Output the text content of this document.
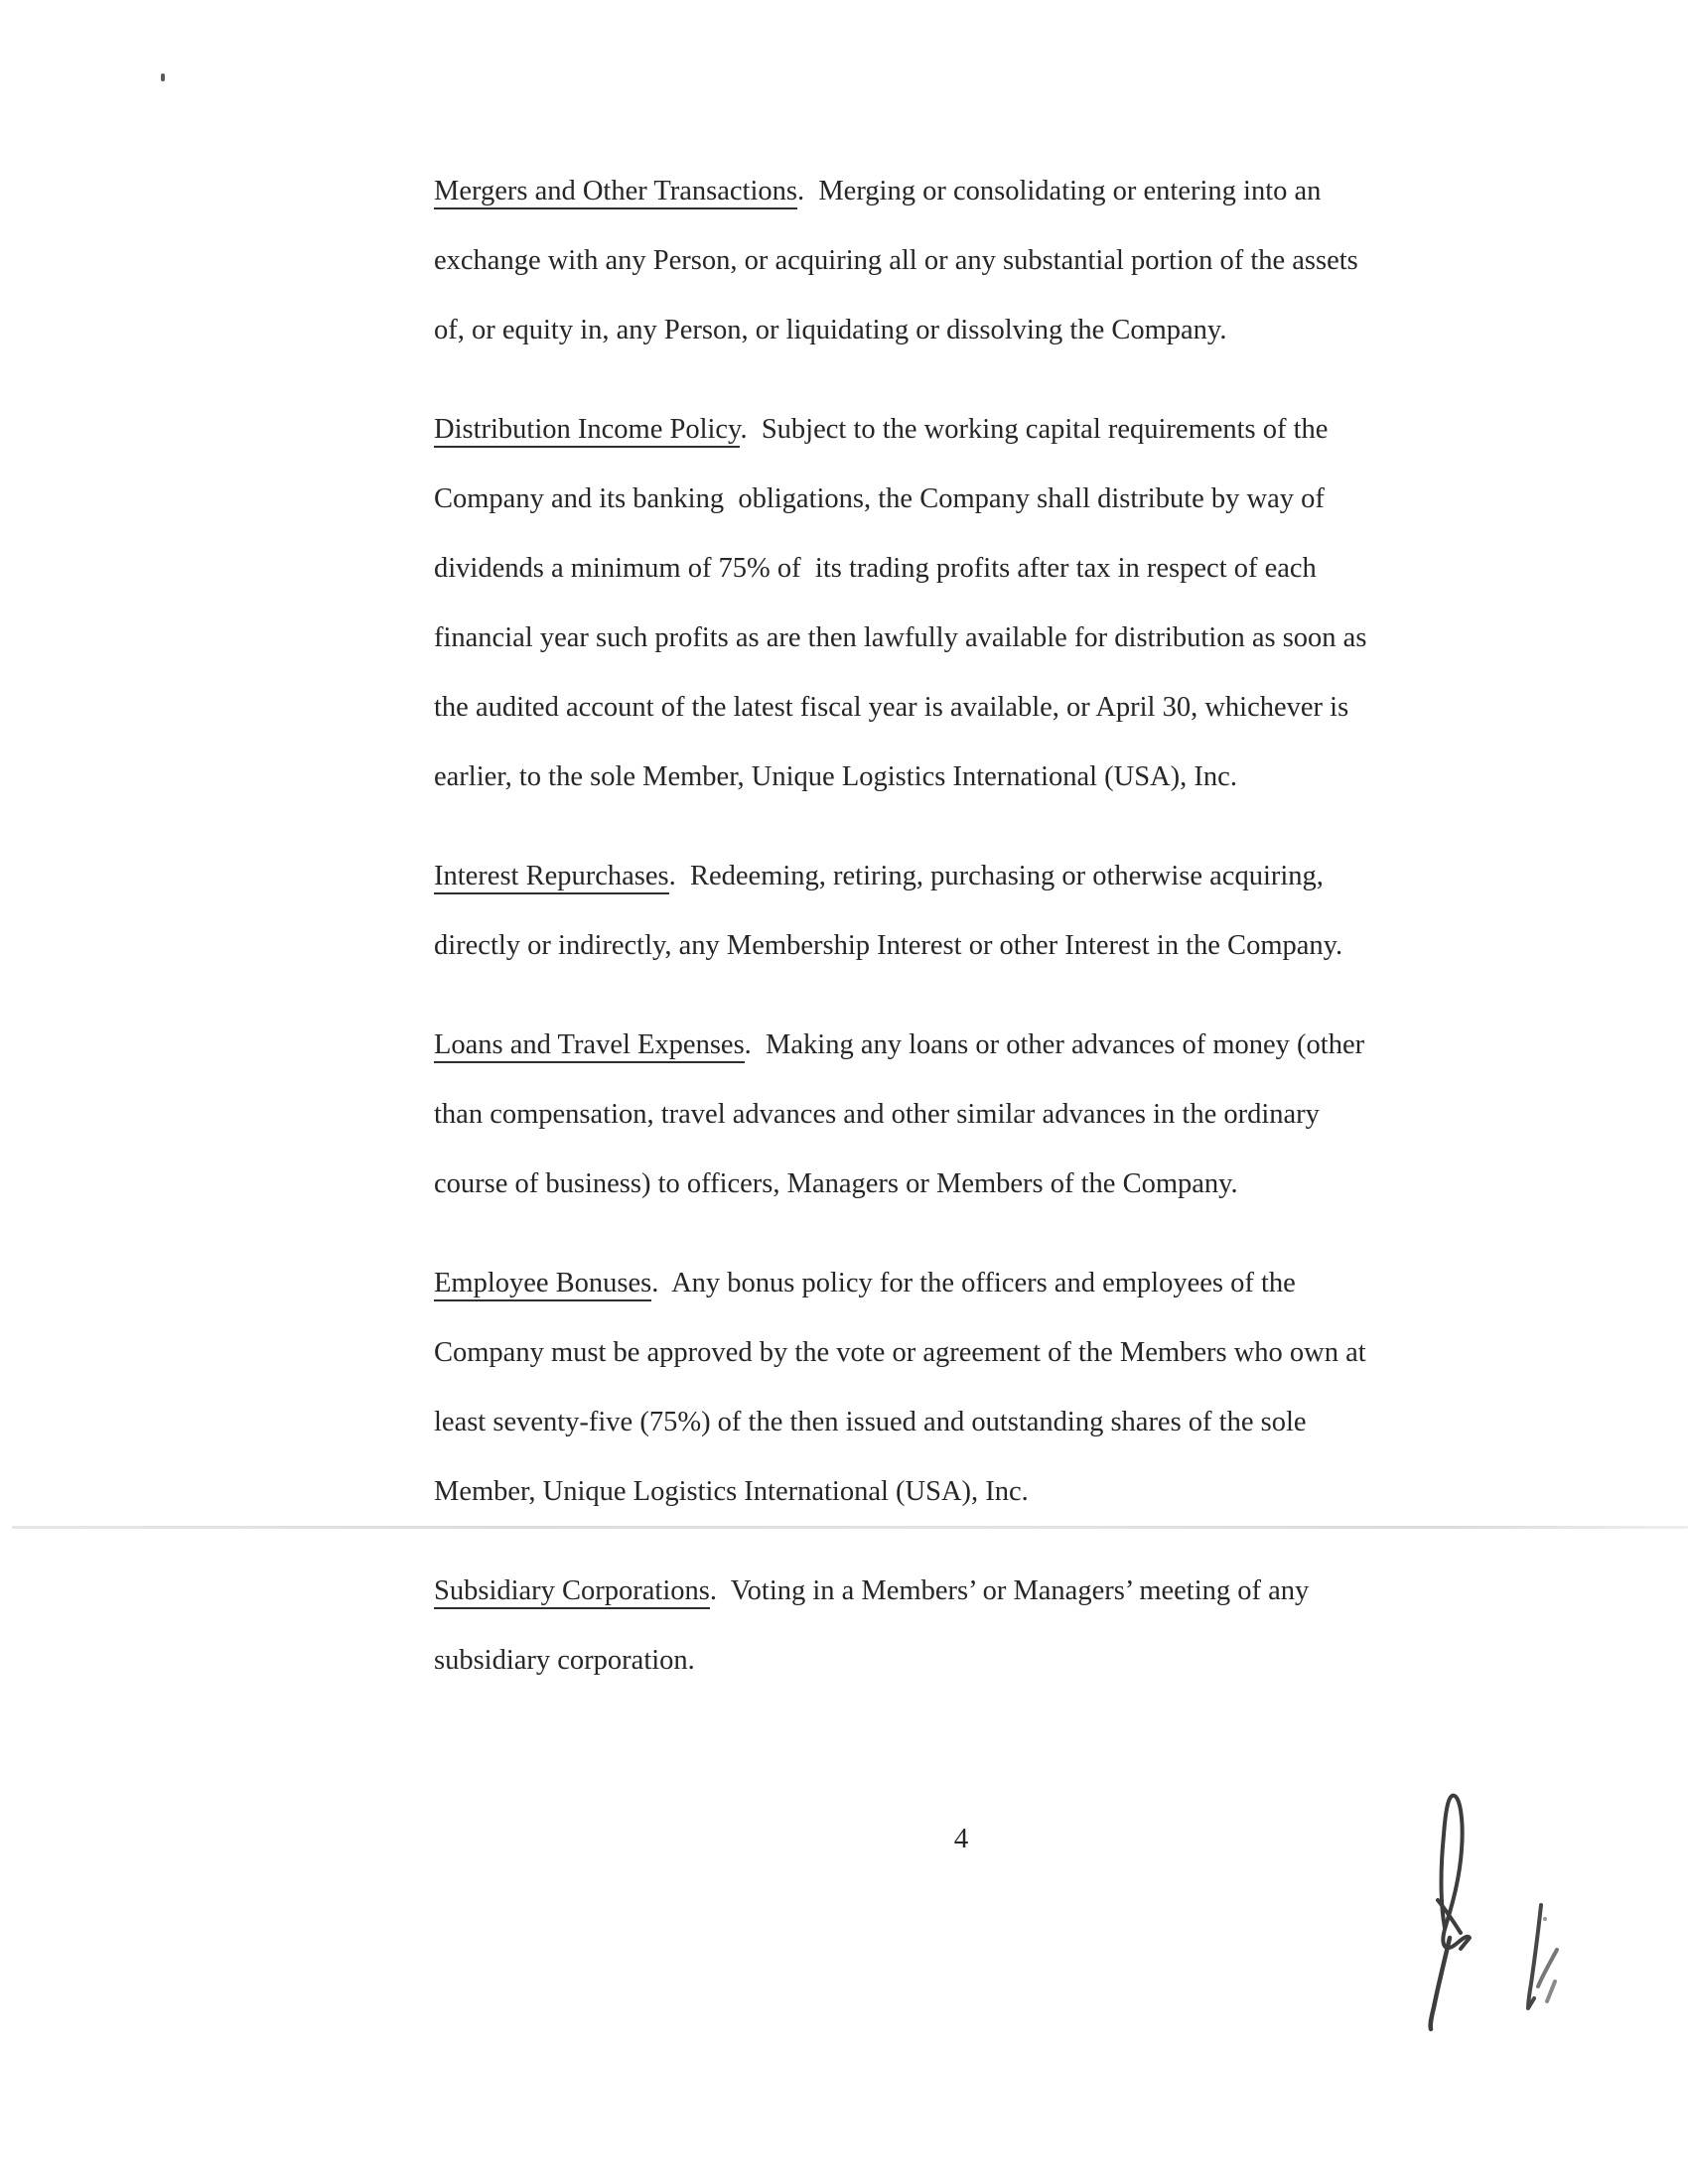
Mergers and Other Transactions.  Merging or consolidating or entering into an
exchange with any Person, or acquiring all or any substantial portion of the assets
of, or equity in, any Person, or liquidating or dissolving the Company.
Distribution Income Policy.  Subject to the working capital requirements of the
Company and its banking  obligations, the Company shall distribute by way of
dividends a minimum of 75% of  its trading profits after tax in respect of each
financial year such profits as are then lawfully available for distribution as soon as
the audited account of the latest fiscal year is available, or April 30, whichever is
earlier, to the sole Member, Unique Logistics International (USA), Inc.
Interest Repurchases.  Redeeming, retiring, purchasing or otherwise acquiring,
directly or indirectly, any Membership Interest or other Interest in the Company.
Loans and Travel Expenses.  Making any loans or other advances of money (other
than compensation, travel advances and other similar advances in the ordinary
course of business) to officers, Managers or Members of the Company.
Employee Bonuses.  Any bonus policy for the officers and employees of the
Company must be approved by the vote or agreement of the Members who own at
least seventy-five (75%) of the then issued and outstanding shares of the sole
Member, Unique Logistics International (USA), Inc.
Subsidiary Corporations.  Voting in a Members’ or Managers’ meeting of any
subsidiary corporation.
4
